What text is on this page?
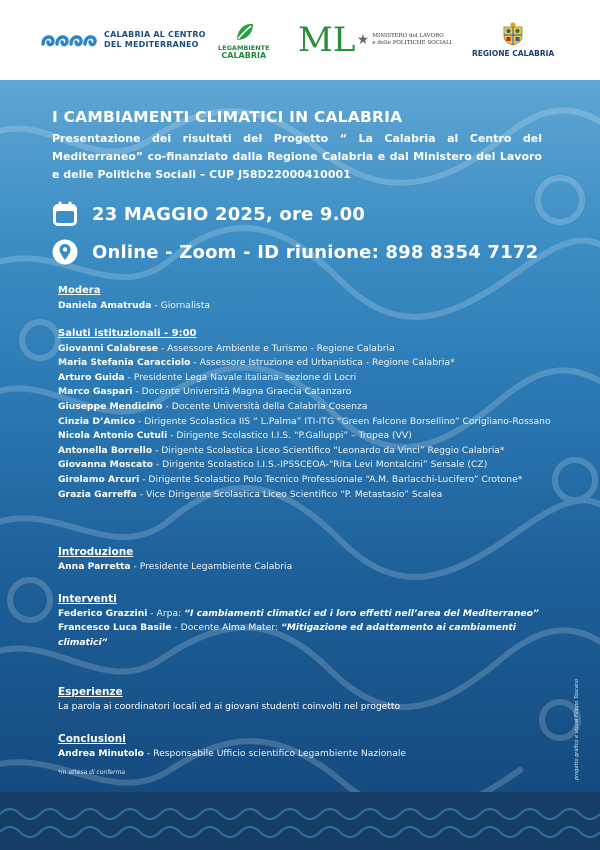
CALABRIA AL CENTRO
DEL MEDITERRANEO	LEGAMBIENTE
CALABRIA ML	MINISTERO del LAVORO
e delle POLITICHE SOCIALI
REGIONE CALABRIA
I CAMBIAMENTI CLIMATICI IN CALABRIA
Presentazione dei risultati del Progetto “ La Calabria al Centro del Mediterraneo” co-finanziato dalla Regione Calabria e dal Ministero del Lavoro e delle Politiche Sociali – CUP J58D22000410001
23 MAGGIO 2025, ore 9.00
Online - Zoom - ID riunione: 898 8354 7172
Modera
Daniela Amatruda - Giornalista
Saluti istituzionali - 9:00
Giovanni Calabrese - Assessore Ambiente e Turismo - Regione Calabria
Maria Stefania Caracciolo - Assessore Istruzione ed Urbanistica - Regione Calabria*
Arturo Guida - Presidente Lega Navale italiana- sezione di Locri
Marco Gaspari - Docente Università Magna Graecia Catanzaro
Giuseppe Mendicino - Docente Università della Calabria Cosenza
Cinzia D’Amico - Dirigente Scolastica IIS “ L.Palma” ITI-ITG “Green Falcone Borsellino” Corigliano-Rossano
Nicola Antonio Cutuli - Dirigente Scolastico I.I.S. “P.Galluppi” – Tropea (VV)
Antonella Borrello - Dirigente Scolastica Liceo Scientifico “Leonardo da Vinci” Reggio Calabria*
Giovanna Moscato - Dirigente Scolastico I.I.S.-IPSSCEOA-“Rita Levi Montalcini” Sersale (CZ)
Girolamo Arcuri - Dirigente Scolastico Polo Tecnico Professionale “A.M. Barlacchi-Lucifero” Crotone*
Grazia Garreffa - Vice Dirigente Scolastica Liceo Scientifico “P. Metastasio” Scalea
Introduzione
Anna Parretta - Presidente Legambiente Calabria
Interventi
Federico Grazzini - Arpa: “I cambiamenti climatici ed i loro effetti nell’area del Mediterraneo”
Francesco Luca Basile - Docente Alma Mater: “Mitigazione ed adattamento ai cambiamenti climatici”
Esperienze
La parola ai coordinatori locali ed ai giovani studenti coinvolti nel progetto
Conclusioni
Andrea Minutolo - Responsabile Ufficio scientifico Legambiente Nazionale
*in attesa di conferma	progetto grafico e visual Filippo Toscano
